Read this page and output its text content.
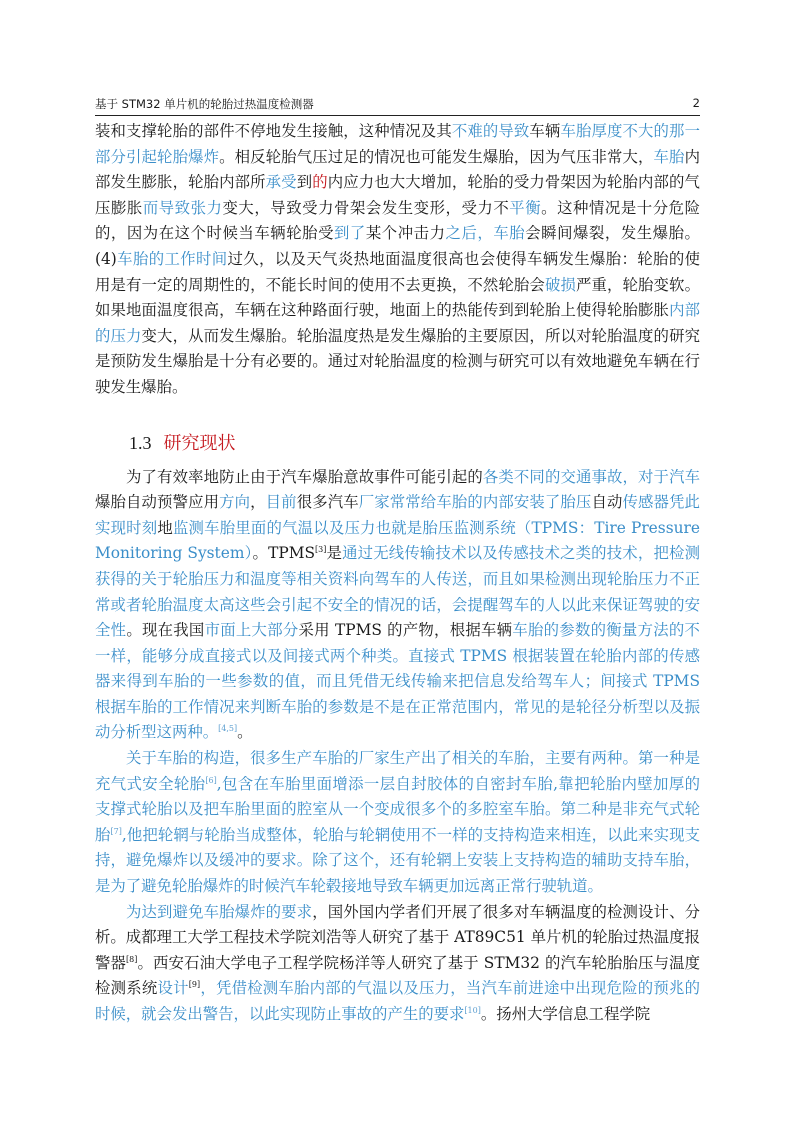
基于 STM32 单片机的轮胎过热温度检测器	2

装和支撑轮胎的部件不停地发生接触，这种情况及其不难的导致车辆车胎厚度不大的那一部分引起轮胎爆炸。相反轮胎气压过足的情况也可能发生爆胎，因为气压非常大，车胎内部发生膨胀，轮胎内部所承受到的内应力也大大增加，轮胎的受力骨架因为轮胎内部的气压膨胀而导致张力变大，导致受力骨架会发生变形，受力不平衡。这种情况是十分危险的，因为在这个时候当车辆轮胎受到了某个冲击力之后，车胎会瞬间爆裂，发生爆胎。(4)车胎的工作时间过久，以及天气炎热地面温度很高也会使得车辆发生爆胎：轮胎的使用是有一定的周期性的，不能长时间的使用不去更换，不然轮胎会破损严重，轮胎变软。如果地面温度很高，车辆在这种路面行驶，地面上的热能传到到轮胎上使得轮胎膨胀内部的压力变大，从而发生爆胎。轮胎温度热是发生爆胎的主要原因，所以对轮胎温度的研究是预防发生爆胎是十分有必要的。通过对轮胎温度的检测与研究可以有效地避免车辆在行驶发生爆胎。

1.3 研究现状

为了有效率地防止由于汽车爆胎意故事件可能引起的各类不同的交通事故，对于汽车爆胎自动预警应用方向，目前很多汽车厂家常常给车胎的内部安装了胎压自动传感器凭此实现时刻地监测车胎里面的气温以及压力也就是胎压监测系统（TPMS：Tire Pressure Monitoring System）。TPMS[3]是通过无线传输技术以及传感技术之类的技术，把检测获得的关于轮胎压力和温度等相关资料向驾车的人传送，而且如果检测出现轮胎压力不正常或者轮胎温度太高这些会引起不安全的情况的话，会提醒驾车的人以此来保证驾驶的安全性。现在我国市面上大部分采用 TPMS 的产物，根据车辆车胎的参数的衡量方法的不一样，能够分成直接式以及间接式两个种类。直接式 TPMS 根据装置在轮胎内部的传感器来得到车胎的一些参数的值，而且凭借无线传输来把信息发给驾车人；间接式 TPMS 根据车胎的工作情况来判断车胎的参数是不是在正常范围内，常见的是轮径分析型以及振动分析型这两种。[4,5]。

关于车胎的构造，很多生产车胎的厂家生产出了相关的车胎，主要有两种。第一种是充气式安全轮胎[6],包含在车胎里面增添一层自封胶体的自密封车胎,靠把轮胎内壁加厚的支撑式轮胎以及把车胎里面的腔室从一个变成很多个的多腔室车胎。第二种是非充气式轮胎[7],他把轮辋与轮胎当成整体，轮胎与轮辋使用不一样的支持构造来相连，以此来实现支持，避免爆炸以及缓冲的要求。除了这个，还有轮辋上安装上支持构造的辅助支持车胎，是为了避免轮胎爆炸的时候汽车轮毂接地导致车辆更加远离正常行驶轨道。

为达到避免车胎爆炸的要求，国外国内学者们开展了很多对车辆温度的检测设计、分析。成都理工大学工程技术学院刘浩等人研究了基于 AT89C51 单片机的轮胎过热温度报警器[8]。西安石油大学电子工程学院杨洋等人研究了基于 STM32 的汽车轮胎胎压与温度检测系统设计[9]，凭借检测车胎内部的气温以及压力，当汽车前进途中出现危险的预兆的时候，就会发出警告，以此实现防止事故的产生的要求[10]。扬州大学信息工程学院
